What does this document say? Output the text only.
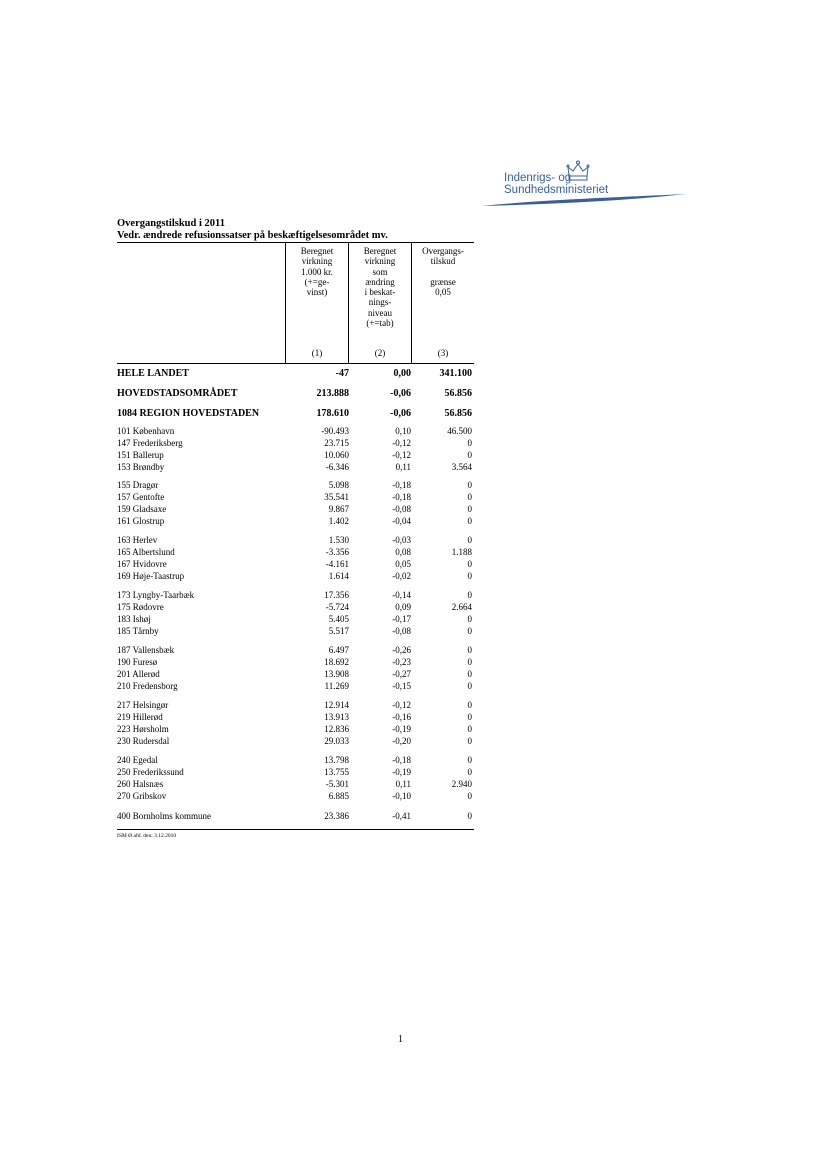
Indenrigs- og
Sundhedsministeriet
Overgangstilskud i 2011
Vedr. ændrede refusionssatser på beskæftigelsesområdet mv.
Beregnet
virkning
1.000 kr.
(+=ge-
vinst)
(1)
Beregnet
virkning
som
ændring
i beskat-
nings-
niveau
(+=tab)
(2)
Overgangs-
tilskud

grænse
0,05
(3)
HELE LANDET	-47	0,00	341.100
HOVEDSTADSOMRÅDET	213.888	-0,06	56.856
1084 REGION HOVEDSTADEN	178.610	-0,06	56.856
101 København	-90.493	0,10	46.500
147 Frederiksberg	23.715	-0,12	0
151 Ballerup	10.060	-0,12	0
153 Brøndby	-6.346	0,11	3.564
155 Dragør	5.098	-0,18	0
157 Gentofte	35.541	-0,18	0
159 Gladsaxe	9.867	-0,08	0
161 Glostrup	1.402	-0,04	0
163 Herlev	1.530	-0,03	0
165 Albertslund	-3.356	0,08	1.188
167 Hvidovre	-4.161	0,05	0
169 Høje-Taastrup	1.614	-0,02	0
173 Lyngby-Taarbæk	17.356	-0,14	0
175 Rødovre	-5.724	0,09	2.664
183 Ishøj	5.405	-0,17	0
185 Tårnby	5.517	-0,08	0
187 Vallensbæk	6.497	-0,26	0
190 Furesø	18.692	-0,23	0
201 Allerød	13.908	-0,27	0
210 Fredensborg	11.269	-0,15	0
217 Helsingør	12.914	-0,12	0
219 Hillerød	13.913	-0,16	0
223 Hørsholm	12.836	-0,19	0
230 Rudersdal	29.033	-0,20	0
240 Egedal	13.798	-0,18	0
250 Frederikssund	13.755	-0,19	0
260 Halsnæs	-5.301	0,11	2.940
270 Gribskov	6.885	-0,10	0
400 Bornholms kommune	23.386	-0,41	0
ISM Ø.afd. den: 3.12.2010
1
